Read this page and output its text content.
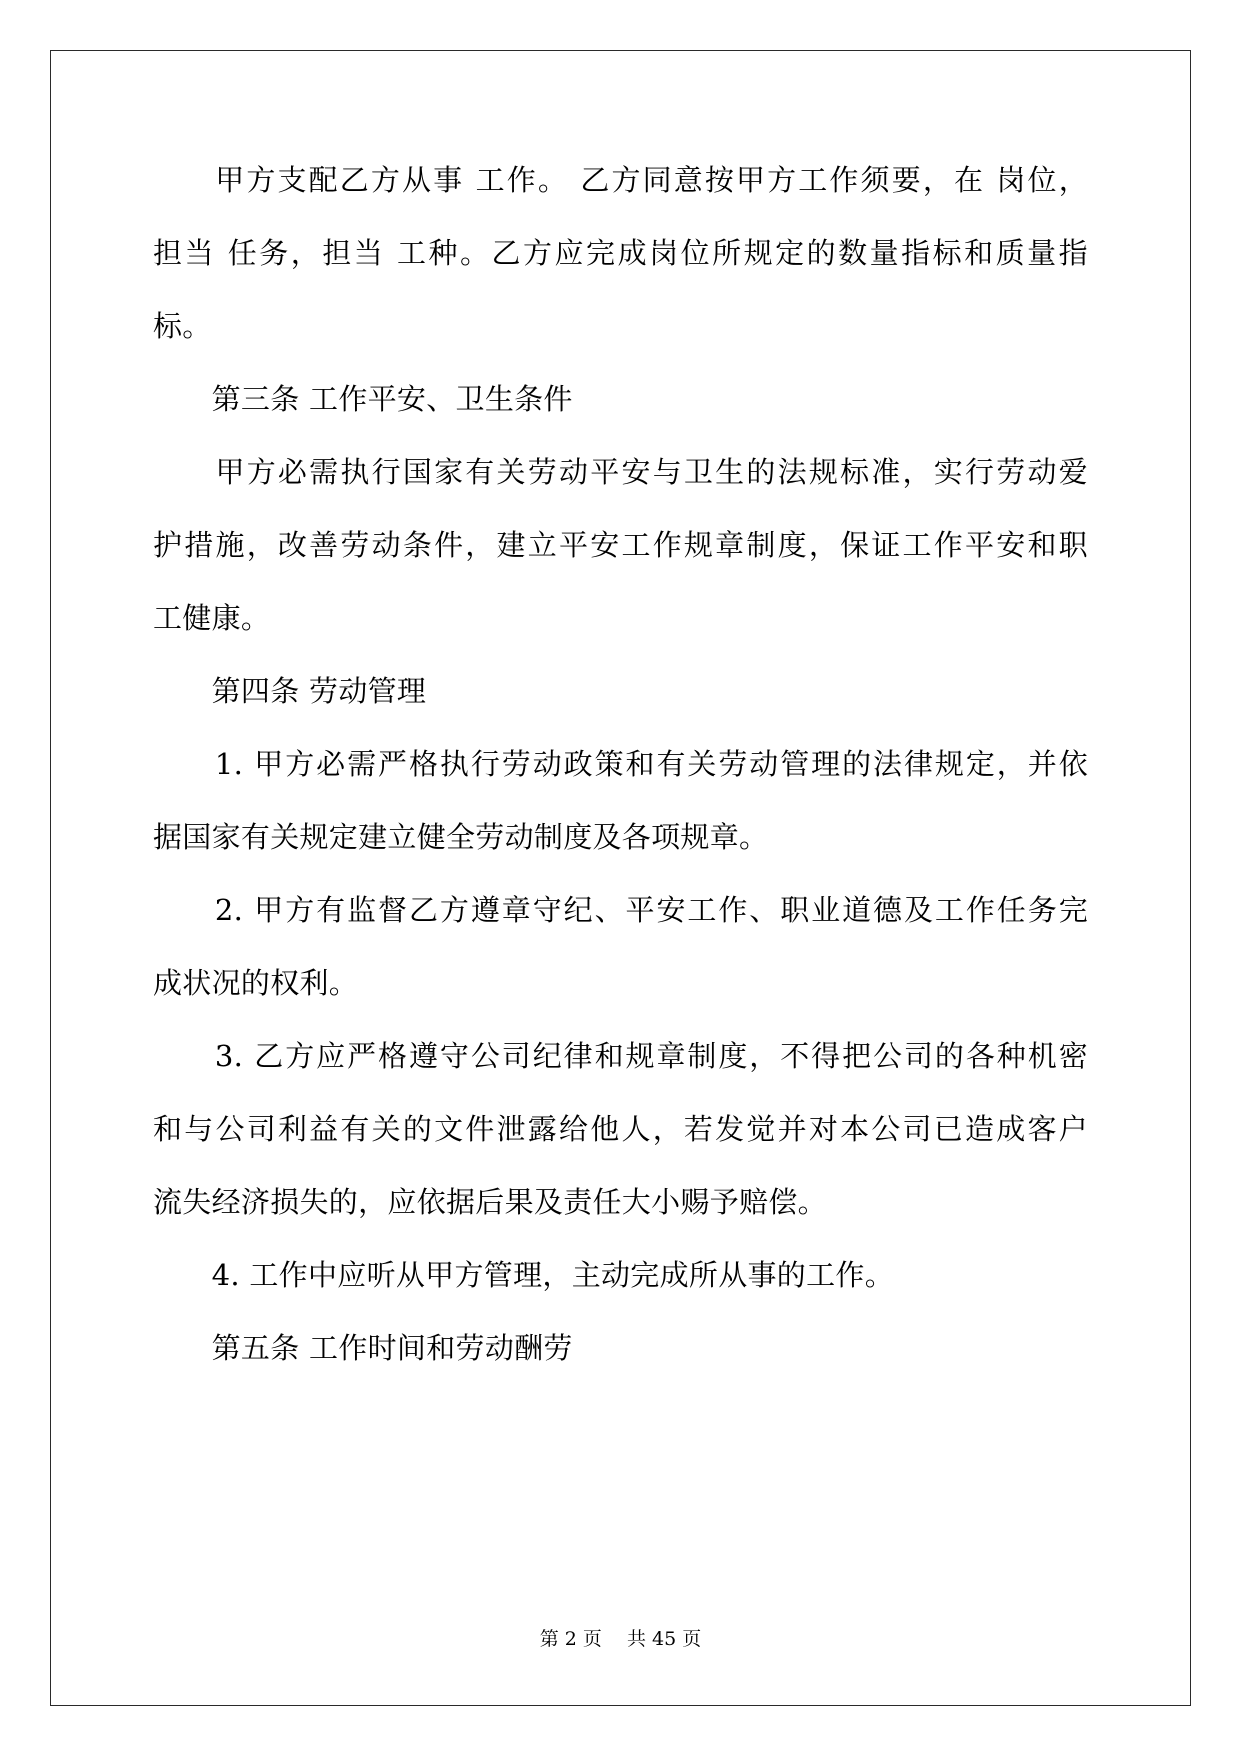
　　甲方支配乙方从事 工作。 乙方同意按甲方工作须要，在 岗位，
担当 任务，担当 工种。乙方应完成岗位所规定的数量指标和质量指
标。
　　第三条 工作平安、卫生条件
　　甲方必需执行国家有关劳动平安与卫生的法规标准，实行劳动爱
护措施，改善劳动条件，建立平安工作规章制度，保证工作平安和职
工健康。
　　第四条 劳动管理
　　1. 甲方必需严格执行劳动政策和有关劳动管理的法律规定，并依
据国家有关规定建立健全劳动制度及各项规章。
　　2. 甲方有监督乙方遵章守纪、平安工作、职业道德及工作任务完
成状况的权利。
　　3. 乙方应严格遵守公司纪律和规章制度，不得把公司的各种机密
和与公司利益有关的文件泄露给他人，若发觉并对本公司已造成客户
流失经济损失的，应依据后果及责任大小赐予赔偿。
　　4. 工作中应听从甲方管理，主动完成所从事的工作。
　　第五条 工作时间和劳动酬劳
第 2 页　 共 45 页
